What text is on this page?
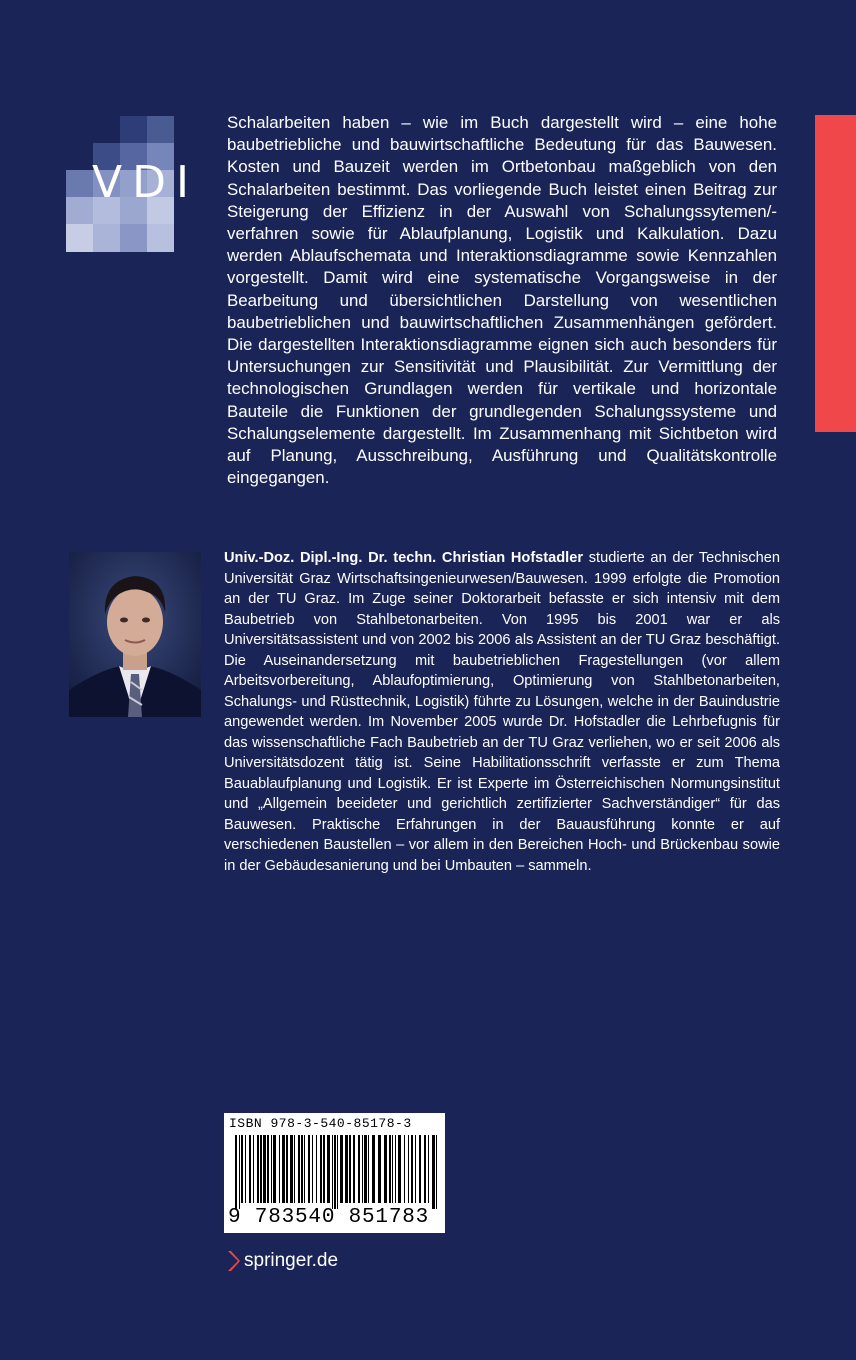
VDI

Schalarbeiten haben – wie im Buch dargestellt wird – eine hohe baubetriebliche und bauwirtschaftliche Bedeutung für das Bauwesen. Kosten und Bauzeit werden im Ortbetonbau maßgeblich von den Schalarbeiten bestimmt. Das vorliegende Buch leistet einen Beitrag zur Steigerung der Effizienz in der Auswahl von Schalungssytemen/-verfahren sowie für Ablaufplanung, Logistik und Kalkulation. Dazu werden Ablaufschemata und Interaktionsdiagramme sowie Kennzahlen vorgestellt. Damit wird eine systematische Vorgangsweise in der Bearbeitung und übersichtlichen Darstellung von wesentlichen baubetrieblichen und bauwirtschaftlichen Zusammenhängen gefördert. Die dargestellten Interaktionsdiagramme eignen sich auch besonders für Untersuchungen zur Sensitivität und Plausibilität. Zur Vermittlung der technologischen Grundlagen werden für vertikale und horizontale Bauteile die Funktionen der grundlegenden Schalungssysteme und Schalungselemente dargestellt. Im Zusammenhang mit Sichtbeton wird auf Planung, Ausschreibung, Ausführung und Qualitätskontrolle eingegangen.

Univ.-Doz. Dipl.-Ing. Dr. techn. Christian Hofstadler studierte an der Technischen Universität Graz Wirtschaftsingenieurwesen/Bauwesen. 1999 erfolgte die Promotion an der TU Graz. Im Zuge seiner Doktorarbeit befasste er sich intensiv mit dem Baubetrieb von Stahlbetonarbeiten. Von 1995 bis 2001 war er als Universitätsassistent und von 2002 bis 2006 als Assistent an der TU Graz beschäftigt. Die Auseinandersetzung mit baubetrieblichen Fragestellungen (vor allem Arbeitsvorbereitung, Ablaufoptimierung, Optimierung von Stahlbetonarbeiten, Schalungs- und Rüsttechnik, Logistik) führte zu Lösungen, welche in der Bauindustrie angewendet werden. Im November 2005 wurde Dr. Hofstadler die Lehrbefugnis für das wissenschaftliche Fach Baubetrieb an der TU Graz verliehen, wo er seit 2006 als Universitätsdozent tätig ist. Seine Habilitationsschrift verfasste er zum Thema Bauablaufplanung und Logistik. Er ist Experte im Österreichischen Normungsinstitut und „Allgemein beeideter und gerichtlich zertifizierter Sachverständiger“ für das Bauwesen. Praktische Erfahrungen in der Bauausführung konnte er auf verschiedenen Baustellen – vor allem in den Bereichen Hoch- und Brückenbau sowie in der Gebäudesanierung und bei Umbauten – sammeln.

ISBN 978-3-540-85178-3
9 783540 851783
springer.de
